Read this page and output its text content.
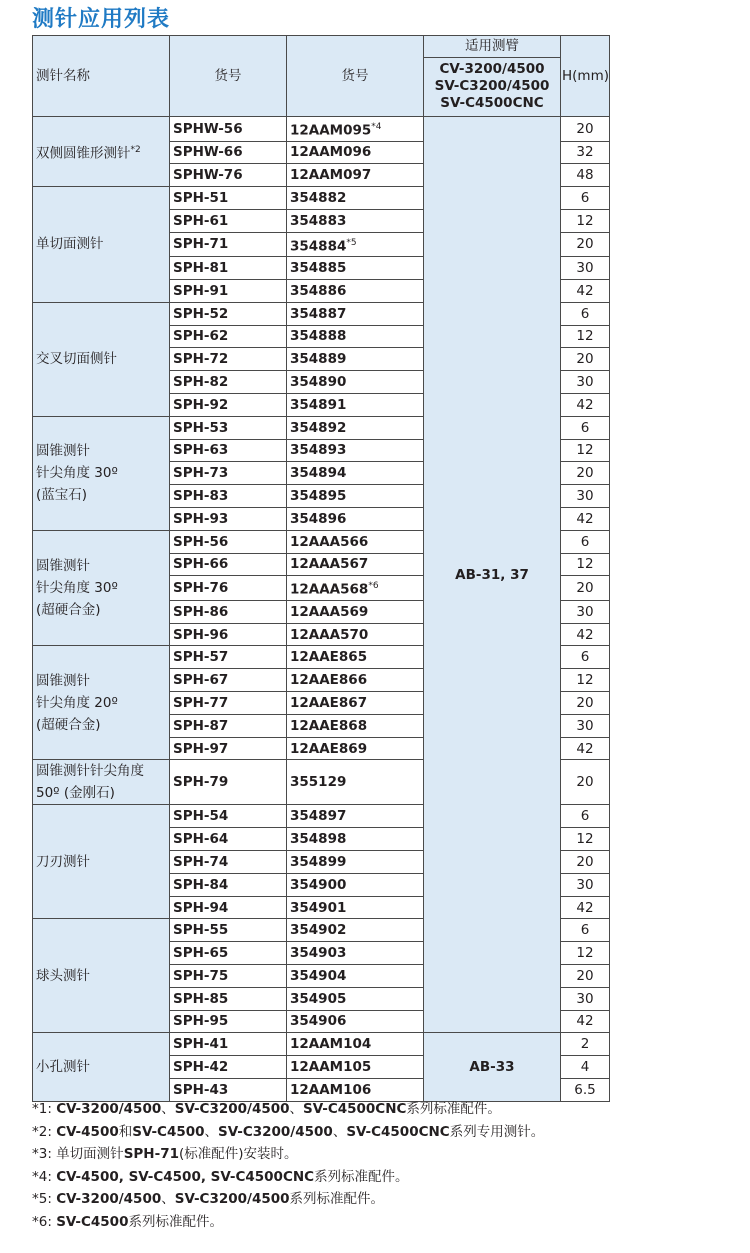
测针应用列表
测针名称	货号	货号	适用测臂	H(mm)
			CV-3200/4500
SV-C3200/4500
SV-C4500CNC	
双侧圆锥形测针$^{*2}$	SPHW-56	12AAM095$^{*4}$	AB-31, 37	20
	SPHW-66	12AAM096		32
	SPHW-76	12AAM097		48
单切面测针	SPH-51	354882		6
	SPH-61	354883		12
	SPH-71	354884$^{*5}$		20
	SPH-81	354885		30
	SPH-91	354886		42
交叉切面侧针	SPH-52	354887		6
	SPH-62	354888		12
	SPH-72	354889		20
	SPH-82	354890		30
	SPH-92	354891		42
圆锥测针
针尖角度 30º
(蓝宝石)	SPH-53	354892		6
	SPH-63	354893		12
	SPH-73	354894		20
	SPH-83	354895		30
	SPH-93	354896		42
圆锥测针
针尖角度 30º
(超硬合金)	SPH-56	12AAA566		6
	SPH-66	12AAA567		12
	SPH-76	12AAA568$^{*6}$		20
	SPH-86	12AAA569		30
	SPH-96	12AAA570		42
圆锥测针
针尖角度 20º
(超硬合金)	SPH-57	12AAE865		6
	SPH-67	12AAE866		12
	SPH-77	12AAE867		20
	SPH-87	12AAE868		30
	SPH-97	12AAE869		42
圆锥测针针尖角度
50º (金刚石)	SPH-79	355129		20
刀刃测针	SPH-54	354897		6
	SPH-64	354898		12
	SPH-74	354899		20
	SPH-84	354900		30
	SPH-94	354901		42
球头测针	SPH-55	354902		6
	SPH-65	354903		12
	SPH-75	354904		20
	SPH-85	354905		30
	SPH-95	354906		42
小孔测针	SPH-41	12AAM104	AB-33	2
	SPH-42	12AAM105		4
	SPH-43	12AAM106		6.5
*1: CV-3200/4500、SV-C3200/4500、SV-C4500CNC系列标准配件。
*2: CV-4500和SV-C4500、SV-C3200/4500、SV-C4500CNC系列专用测针。
*3: 单切面测针SPH-71(标准配件)安装时。
*4: CV-4500, SV-C4500, SV-C4500CNC系列标准配件。
*5: CV-3200/4500、SV-C3200/4500系列标准配件。
*6: SV-C4500系列标准配件。
